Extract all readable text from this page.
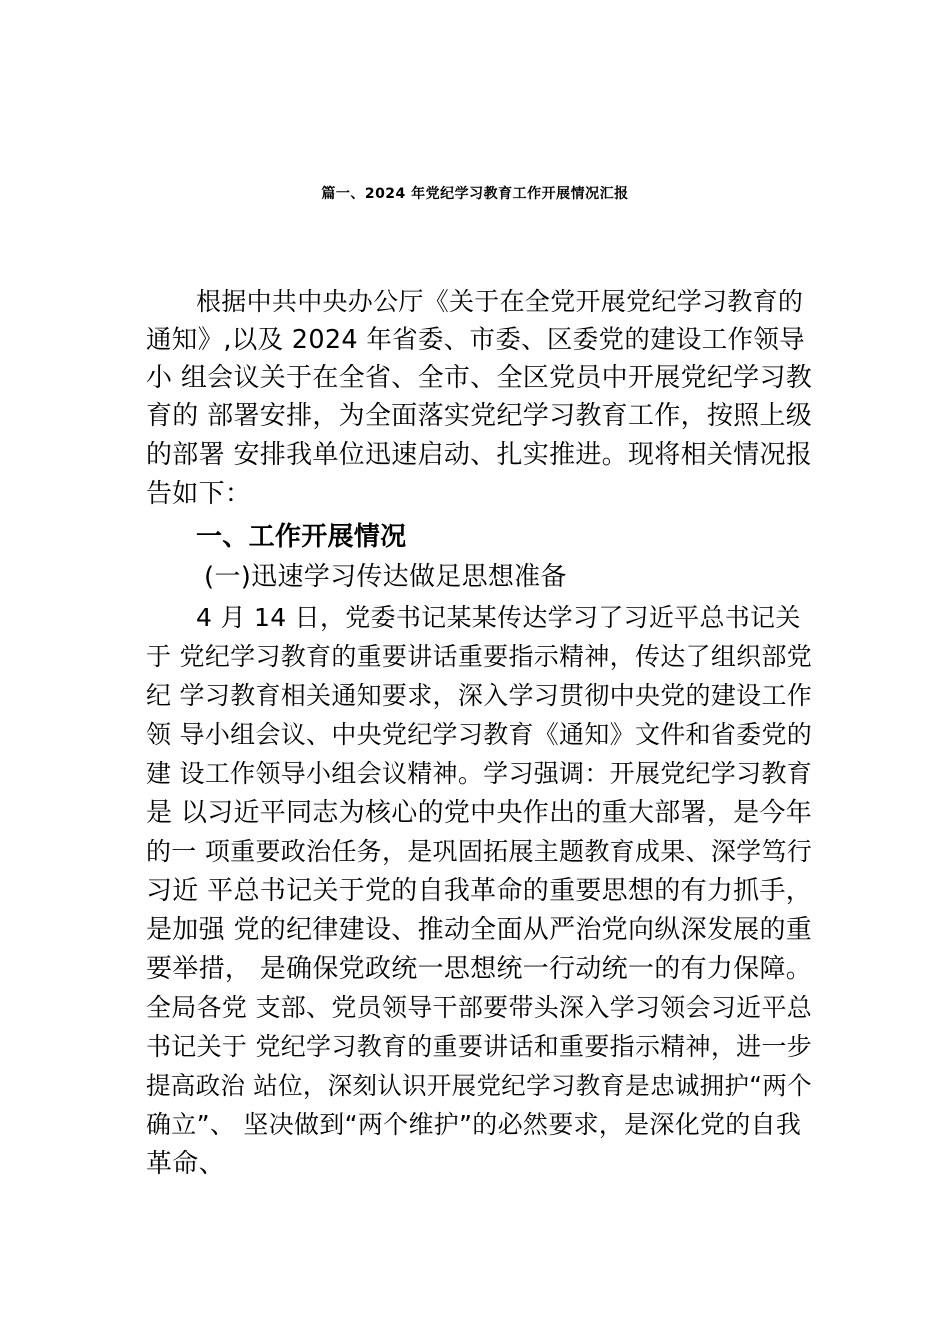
篇一、2024 年党纪学习教育工作开展情况汇报
根据中共中央办公厅《关于在全党开展党纪学习教育的
通知》,以及 2024 年省委、市委、区委党的建设工作领导
小 组会议关于在全省、全市、全区党员中开展党纪学习教
育的 部署安排，为全面落实党纪学习教育工作，按照上级
的部署 安排我单位迅速启动、扎实推进。现将相关情况报
告如下：
一、工作开展情况
(一)迅速学习传达做足思想准备
4 月 14 日，党委书记某某传达学习了习近平总书记关
于 党纪学习教育的重要讲话重要指示精神，传达了组织部党
纪 学习教育相关通知要求，深入学习贯彻中央党的建设工作
领 导小组会议、中央党纪学习教育《通知》文件和省委党的
建 设工作领导小组会议精神。学习强调：开展党纪学习教育
是 以习近平同志为核心的党中央作出的重大部署，是今年
的一 项重要政治任务，是巩固拓展主题教育成果、深学笃行
习近 平总书记关于党的自我革命的重要思想的有力抓手，
是加强 党的纪律建设、推动全面从严治党向纵深发展的重
要举措， 是确保党政统一思想统一行动统一的有力保障。
全局各党 支部、党员领导干部要带头深入学习领会习近平总
书记关于 党纪学习教育的重要讲话和重要指示精神，进一步
提高政治 站位，深刻认识开展党纪学习教育是忠诚拥护“两个
确立”、 坚决做到“两个维护”的必然要求，是深化党的自我
革命、
